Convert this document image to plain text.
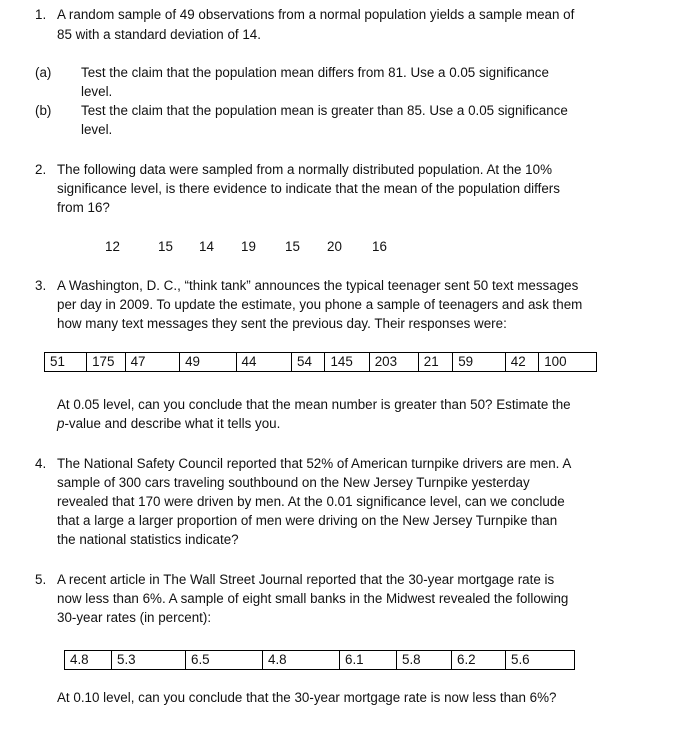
1. A random sample of 49 observations from a normal population yields a sample mean of
85 with a standard deviation of 14.
(a) Test the claim that the population mean differs from 81. Use a 0.05 significance
level.
(b) Test the claim that the population mean is greater than 85. Use a 0.05 significance
level.
2. The following data were sampled from a normally distributed population. At the 10%
significance level, is there evidence to indicate that the mean of the population differs
from 16?
12	15 14 19 15 20 16
3. A Washington, D. C., “think tank” announces the typical teenager sent 50 text messages
per day in 2009. To update the estimate, you phone a sample of teenagers and ask them
how many text messages they sent the previous day. Their responses were:
51	175	47	49	44	54	145	203	21	59	42	100
At 0.05 level, can you conclude that the mean number is greater than 50? Estimate the
p-value and describe what it tells you.
4. The National Safety Council reported that 52% of American turnpike drivers are men. A
sample of 300 cars traveling southbound on the New Jersey Turnpike yesterday
revealed that 170 were driven by men. At the 0.01 significance level, can we conclude
that a large a larger proportion of men were driving on the New Jersey Turnpike than
the national statistics indicate?
5. A recent article in The Wall Street Journal reported that the 30-year mortgage rate is
now less than 6%. A sample of eight small banks in the Midwest revealed the following
30-year rates (in percent):
4.8	5.3	6.5	4.8	6.1	5.8	6.2	5.6
At 0.10 level, can you conclude that the 30-year mortgage rate is now less than 6%?
